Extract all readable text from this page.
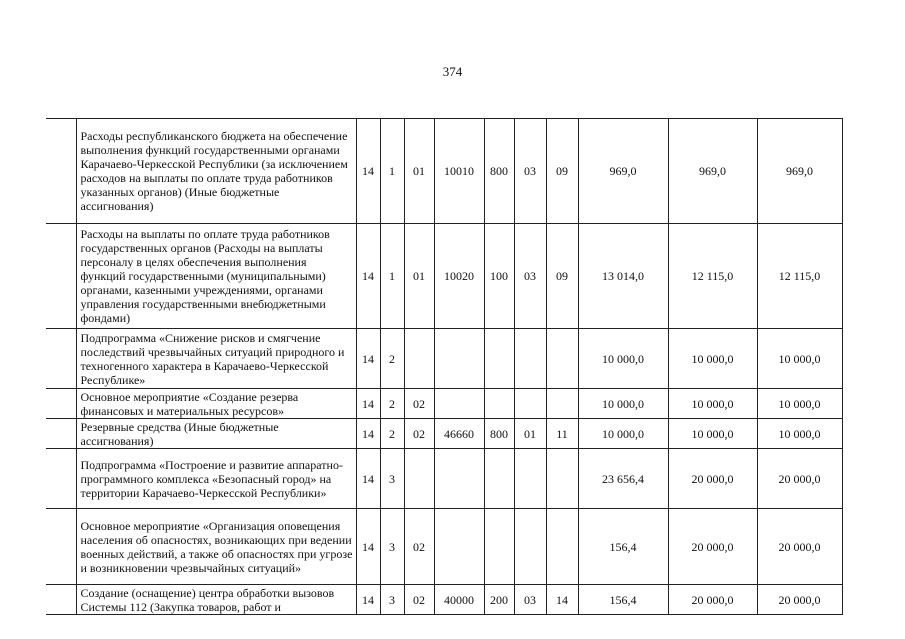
374
	Расходы республиканского бюджета на обеспечение выполнения функций государственными органами Карачаево-Черкесской Республики (за исключением расходов на выплаты по оплате труда работников указанных органов) (Иные бюджетные ассигнования)	14	1	01	10010	800	03	09	969,0	969,0	969,0
	Расходы на выплаты по оплате труда работников государственных органов (Расходы на выплаты персоналу в целях обеспечения выполнения функций государственными (муниципальными) органами, казенными учреждениями, органами управления государственными внебюджетными фондами)	14	1	01	10020	100	03	09	13 014,0	12 115,0	12 115,0
	Подпрограмма «Снижение рисков и смягчение последствий чрезвычайных ситуаций природного и техногенного характера в Карачаево-Черкесской Республике»	14	2						10 000,0	10 000,0	10 000,0
	Основное мероприятие «Создание резерва финансовых и материальных ресурсов»	14	2	02					10 000,0	10 000,0	10 000,0
	Резервные средства (Иные бюджетные ассигнования)	14	2	02	46660	800	01	11	10 000,0	10 000,0	10 000,0
	Подпрограмма «Построение и развитие аппаратно-программного комплекса «Безопасный город» на территории Карачаево-Черкесской Республики»	14	3						23 656,4	20 000,0	20 000,0
	Основное мероприятие «Организация оповещения населения об опасностях, возникающих при ведении военных действий, а также об опасностях при угрозе и возникновении чрезвычайных ситуаций»	14	3	02					156,4	20 000,0	20 000,0
	Создание (оснащение) центра обработки вызовов Системы 112 (Закупка товаров, работ и	14	3	02	40000	200	03	14	156,4	20 000,0	20 000,0
